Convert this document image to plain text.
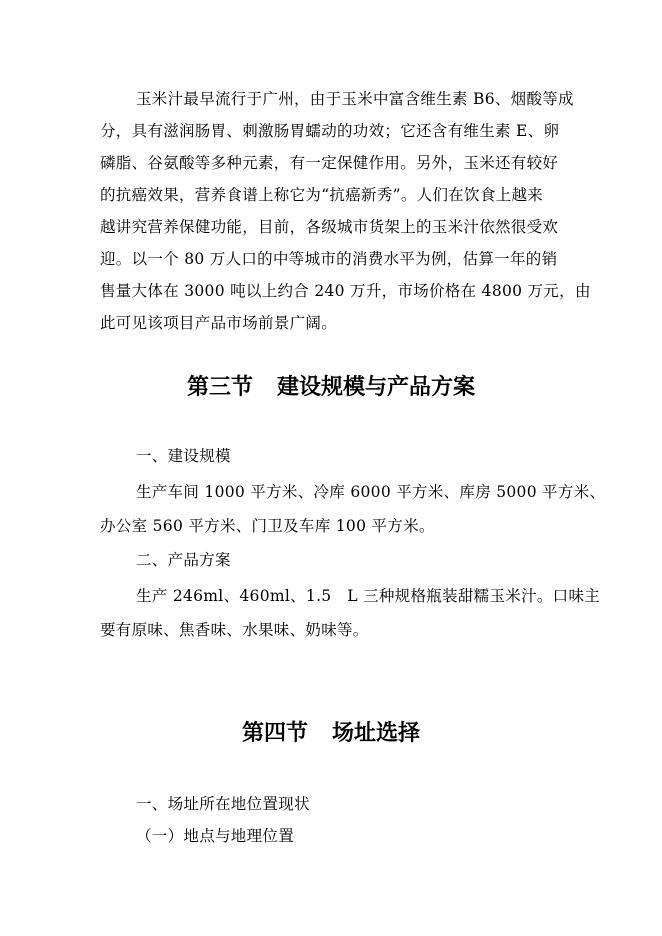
玉米汁最早流行于广州，由于玉米中富含维生素 B6、烟酸等成
分，具有滋润肠胃、刺激肠胃蠕动的功效；它还含有维生素 E、卵
磷脂、谷氨酸等多种元素，有一定保健作用。另外，玉米还有较好
的抗癌效果，营养食谱上称它为“抗癌新秀”。人们在饮食上越来
越讲究营养保健功能，目前，各级城市货架上的玉米汁依然很受欢
迎。以一个 80 万人口的中等城市的消费水平为例，估算一年的销
售量大体在 3000 吨以上约合 240 万升，市场价格在 4800 万元，由
此可见该项目产品市场前景广阔。
第三节 建设规模与产品方案
一、建设规模
生产车间 1000 平方米、冷库 6000 平方米、库房 5000 平方米、
办公室 560 平方米、门卫及车库 100 平方米。
二、产品方案
生产 246ml、460ml、1.5　L 三种规格瓶装甜糯玉米汁。口味主
要有原味、焦香味、水果味、奶味等。
第四节 场址选择
一、场址所在地位置现状
（一）地点与地理位置
